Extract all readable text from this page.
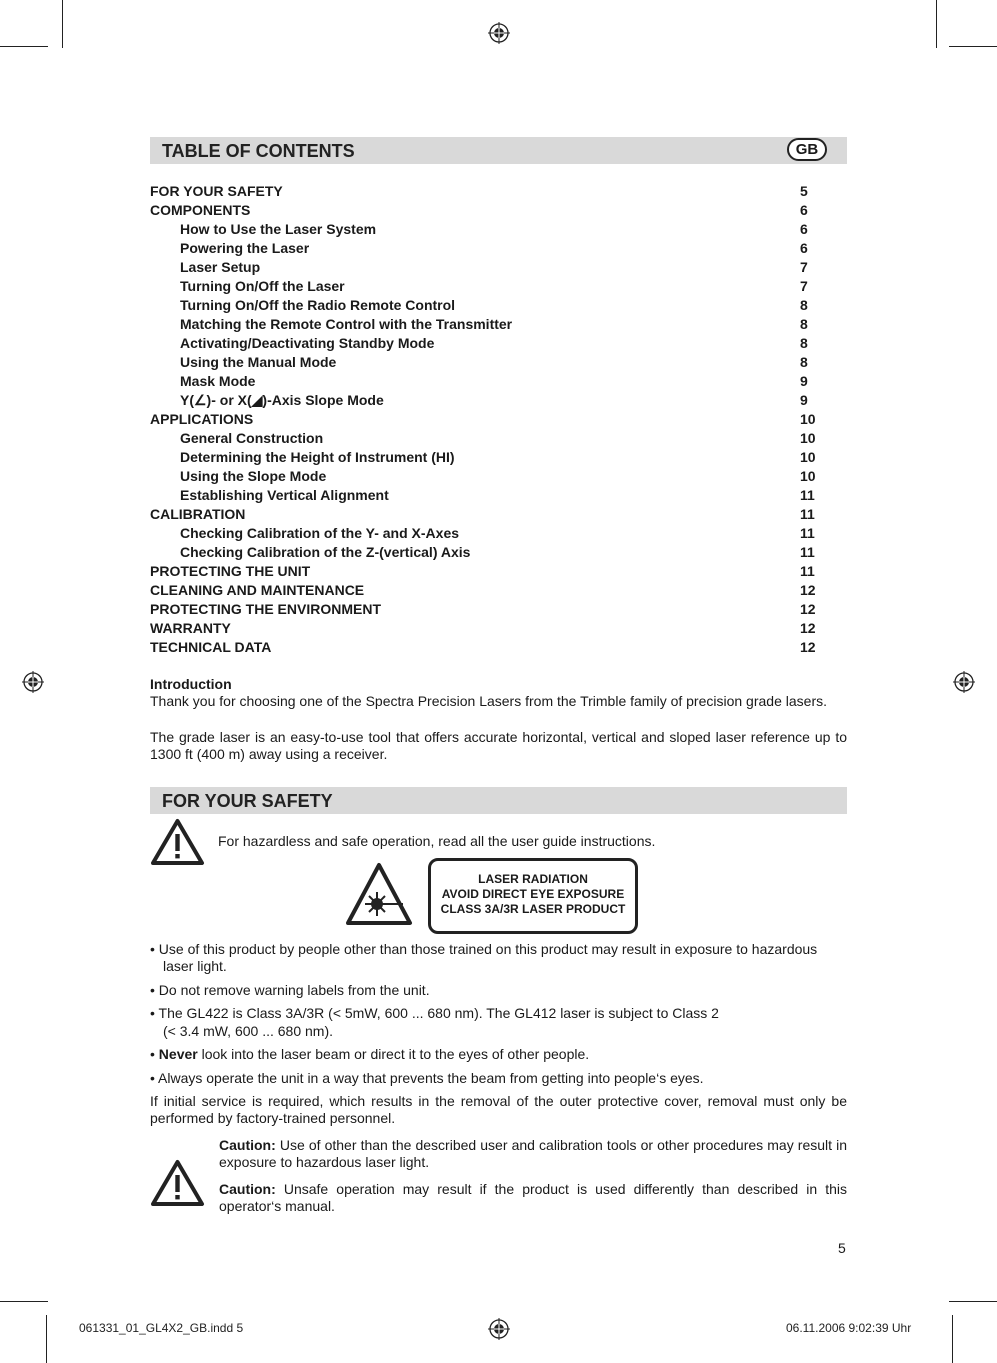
TABLE OF CONTENTS	GB
FOR YOUR SAFETY	5
COMPONENTS	6
How to Use the Laser System	6
Powering the Laser	6
Laser Setup	7
Turning On/Off the Laser	7
Turning On/Off the Radio Remote Control	8
Matching the Remote Control with the Transmitter	8
Activating/Deactivating Standby Mode	8
Using the Manual Mode	8
Mask Mode	9
Y(∠)- or X(◢)-Axis Slope Mode	9
APPLICATIONS	10
General Construction	10
Determining the Height of Instrument (HI)	10
Using the Slope Mode	10
Establishing Vertical Alignment	11
CALIBRATION	11
Checking Calibration of the Y- and X-Axes	11
Checking Calibration of the Z-(vertical) Axis	11
PROTECTING THE UNIT	11
CLEANING AND MAINTENANCE	12
PROTECTING THE ENVIRONMENT	12
WARRANTY	12
TECHNICAL DATA	12
Introduction
Thank you for choosing one of the Spectra Precision Lasers from the Trimble family of precision grade lasers.
The grade laser is an easy-to-use tool that offers accurate horizontal, vertical and sloped laser reference up to 1300 ft (400 m) away using a receiver.
FOR YOUR SAFETY
For hazardless and safe operation, read all the user guide instructions.
LASER RADIATION
AVOID DIRECT EYE EXPOSURE
CLASS 3A/3R LASER PRODUCT
• Use of this product by people other than those trained on this product may result in exposure to hazardous
laser light.
• Do not remove warning labels from the unit.
• The GL422 is Class 3A/3R (< 5mW, 600 ... 680 nm). The GL412 laser is subject to Class 2
(< 3.4 mW, 600 ... 680 nm).
• Never look into the laser beam or direct it to the eyes of other people.
• Always operate the unit in a way that prevents the beam from getting into people‘s eyes.
If initial service is required, which results in the removal of the outer protective cover, removal must only be performed by factory-trained personnel.
Caution: Use of other than the described user and calibration tools or other procedures may result in exposure to hazardous laser light.
Caution: Unsafe operation may result if the product is used differently than described in this operator‘s manual.
5
061331_01_GL4X2_GB.indd 5	06.11.2006 9:02:39 Uhr
